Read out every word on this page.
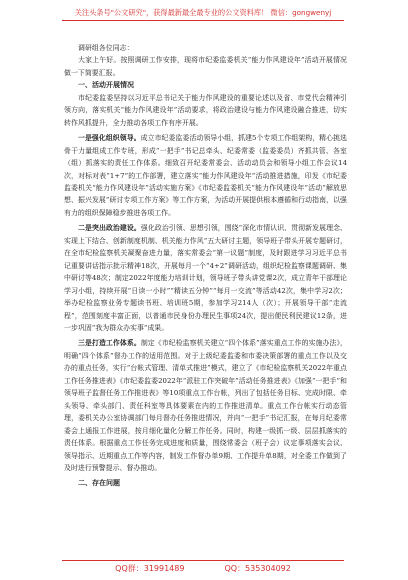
关注头条号"公文研究"，获得最新最全最专业的公文资料库！ 微信：gongwenyj

调研组各位同志：

大家上午好。按照调研工作安排，现将市纪委监委机关“能力作风建设年”活动开展情况做一下简要汇报。

一、活动开展情况

市纪委监委坚持以习近平总书记关于能力作风建设的重要论述以及省、市党代会精神引领方向，落实机关“能力作风建设年”活动要求，将政治建设与能力作风建设融合推进，切实转作风抓提升，全力推动各项工作有序开展。

一是强化组织领导。成立市纪委监委活动领导小组，抓建5个专项工作组架构，精心挑选骨干力量组成工作专班，形成“一把手”书记总牵头、纪委常委（监委委员）齐抓共管、各室（组）抓落实的责任工作体系。细致召开纪委常委会、活动动员会和领导小组工作会议14次，对标对表“1+7”的工作部署，建立落实“能力作风建设年”活动推进措施，印发《市纪委监委机关“能力作风建设年”活动实施方案》《市纪委监委机关“能力作风建设年”活动“解放思想、振兴发展”研讨专项工作方案》等工作方案，为活动开展提供根本遵循和行动指南，以强有力的组织保障稳步推进各项工作。

二是突出政治建设。强化政治引领、思想引领，围绕“深化市情认识、贯彻新发展理念、实现上下结合、创新制度机制、机关能力作风”五大研讨主题，领导班子带头开展专题研讨，在全市纪检监察机关凝聚奋进力量，落实常委会“第一议题”制度，及时跟进学习习近平总书记重要讲话指示批示精神18次，开展每月一个“4+2”调研活动，组织纪检监察课题调研、集中研讨等48次；制定2022年度能力培训计划，领导班子带头讲党课2次，成立青年干部理论学习小组，持续开展“日读一小时”“精读五分钟”“每月一交流”等活动42次，集中学习2次；举办纪检监察业务专题读书班、培训班5期，参加学习214人（次）；开展领导干部“走流程”，范围刻度丰富正面，以普通市民身份办理民生事项24次，提出便民利民建议12条，进一步巩固“我为群众办实事”成果。

三是打造工作体系。制定《市纪检监察机关建立“四个体系”落实重点工作的实施办法》，明确“四个体系”督办工作的适用范围。对于上级纪委监委和市委决策部署的重点工作以及交办的重点任务，实行“台帐式管理、清单式推进”模式，建立了《市纪检监察机关2022年重点工作任务推进表》《市纪委监委2022年“派驻工作突破年”活动任务推进表》《加强“一把手”和领导班子监督任务工作推进表》等10项重点工作台帐，列出了包括任务目标、完成时限、牵头领导、牵头部门、责任科室等具体要素在内的工作推进清单。重点工作台帐实行动态管理，委机关办公室协调部门每月督办任务推进情况，并向“一把手”书记汇报，在每月纪委常委会上通报工作进展，按月细化量化分解工作任务。同时，构建一级抓一级、层层抓落实的责任体系。根据重点工作任务完成进度和质量，围绕常委会（班子会）议定事项落实会议、领导指示、近期重点工作等内容，制发工作督办单9期、工作提升单8期，对全委工作做到了及时进行预警提示、督办推动。

二、存在问题

QQ群：31991489	QQ：535304092
